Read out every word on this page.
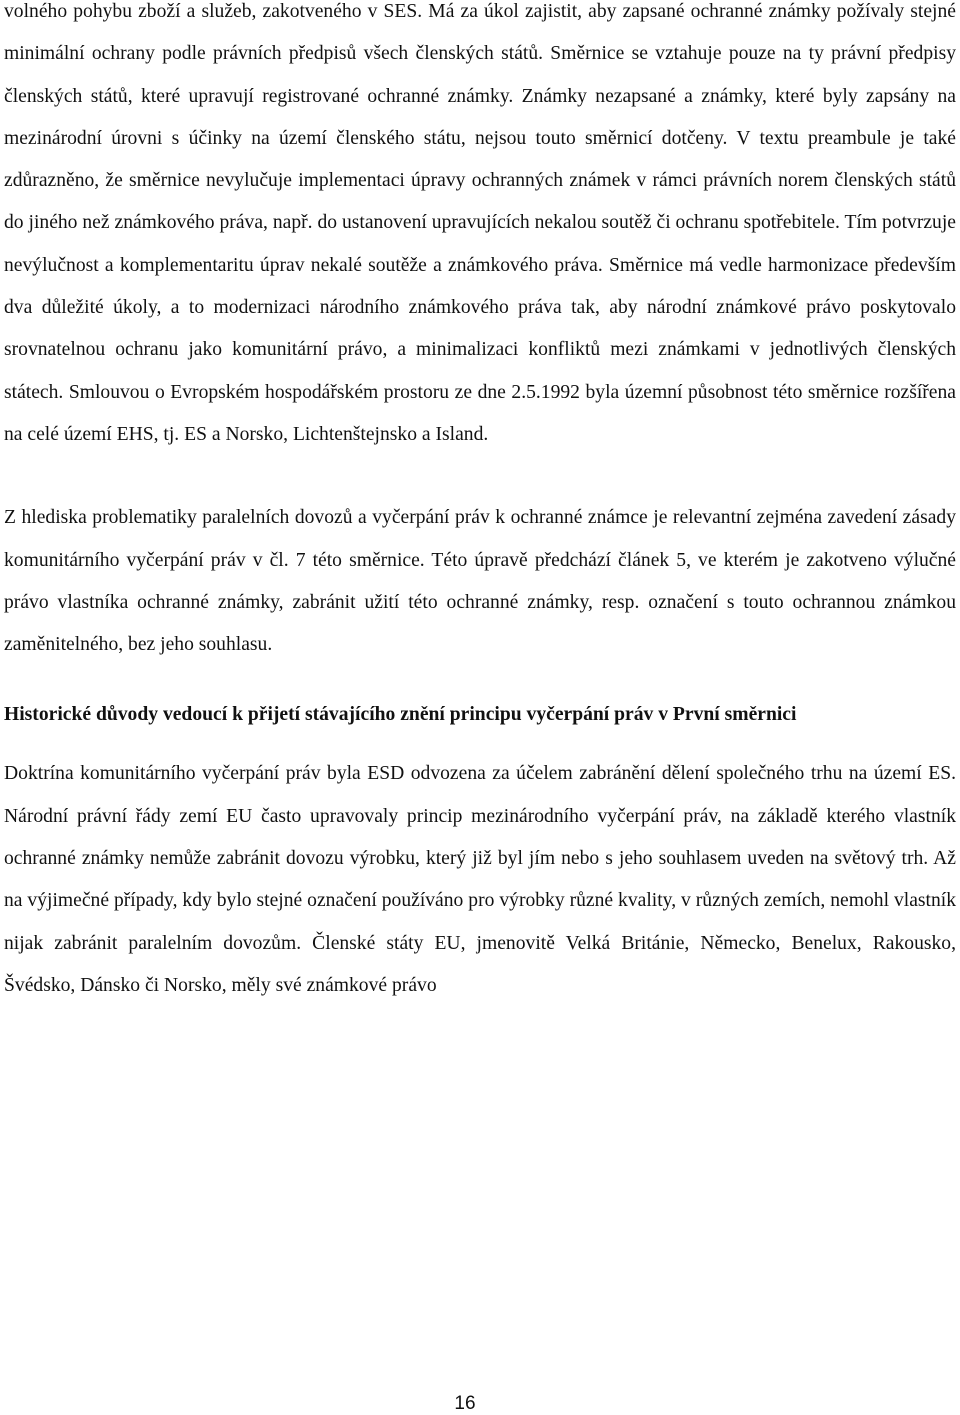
volného pohybu zboží a služeb, zakotveného v SES. Má za úkol zajistit, aby zapsané ochranné známky požívaly stejné minimální ochrany podle právních předpisů všech členských států. Směrnice se vztahuje pouze na ty právní předpisy členských států, které upravují registrované ochranné známky. Známky nezapsané a známky, které byly zapsány na mezinárodní úrovni s účinky na území členského státu, nejsou touto směrnicí dotčeny. V textu preambule je také zdůrazněno, že směrnice nevylučuje implementaci úpravy ochranných známek v rámci právních norem členských států do jiného než známkového práva, např. do ustanovení upravujících nekalou soutěž či ochranu spotřebitele. Tím potvrzuje nevýlučnost a komplementaritu úprav nekalé soutěže a známkového práva. Směrnice má vedle harmonizace především dva důležité úkoly, a to modernizaci národního známkového práva tak, aby národní známkové právo poskytovalo srovnatelnou ochranu jako komunitární právo, a minimalizaci konfliktů mezi známkami v jednotlivých členských státech. Smlouvou o Evropském hospodářském prostoru ze dne 2.5.1992 byla územní působnost této směrnice rozšířena na celé území EHS, tj. ES a Norsko, Lichtenštejnsko a Island.

Z hlediska problematiky paralelních dovozů a vyčerpání práv k ochranné známce je relevantní zejména zavedení zásady komunitárního vyčerpání práv v čl. 7 této směrnice. Této úpravě předchází článek 5, ve kterém je zakotveno výlučné právo vlastníka ochranné známky, zabránit užití této ochranné známky, resp. označení s touto ochrannou známkou zaměnitelného, bez jeho souhlasu.

Historické důvody vedoucí k přijetí stávajícího znění principu vyčerpání práv v První směrnici

Doktrína komunitárního vyčerpání práv byla ESD odvozena za účelem zabránění dělení společného trhu na území ES. Národní právní řády zemí EU často upravovaly princip mezinárodního vyčerpání práv, na základě kterého vlastník ochranné známky nemůže zabránit dovozu výrobku, který již byl jím nebo s jeho souhlasem uveden na světový trh. Až na výjimečné případy, kdy bylo stejné označení používáno pro výrobky různé kvality, v různých zemích, nemohl vlastník nijak zabránit paralelním dovozům. Členské státy EU, jmenovitě Velká Británie, Německo, Benelux, Rakousko, Švédsko, Dánsko či Norsko, měly své známkové právo

16
